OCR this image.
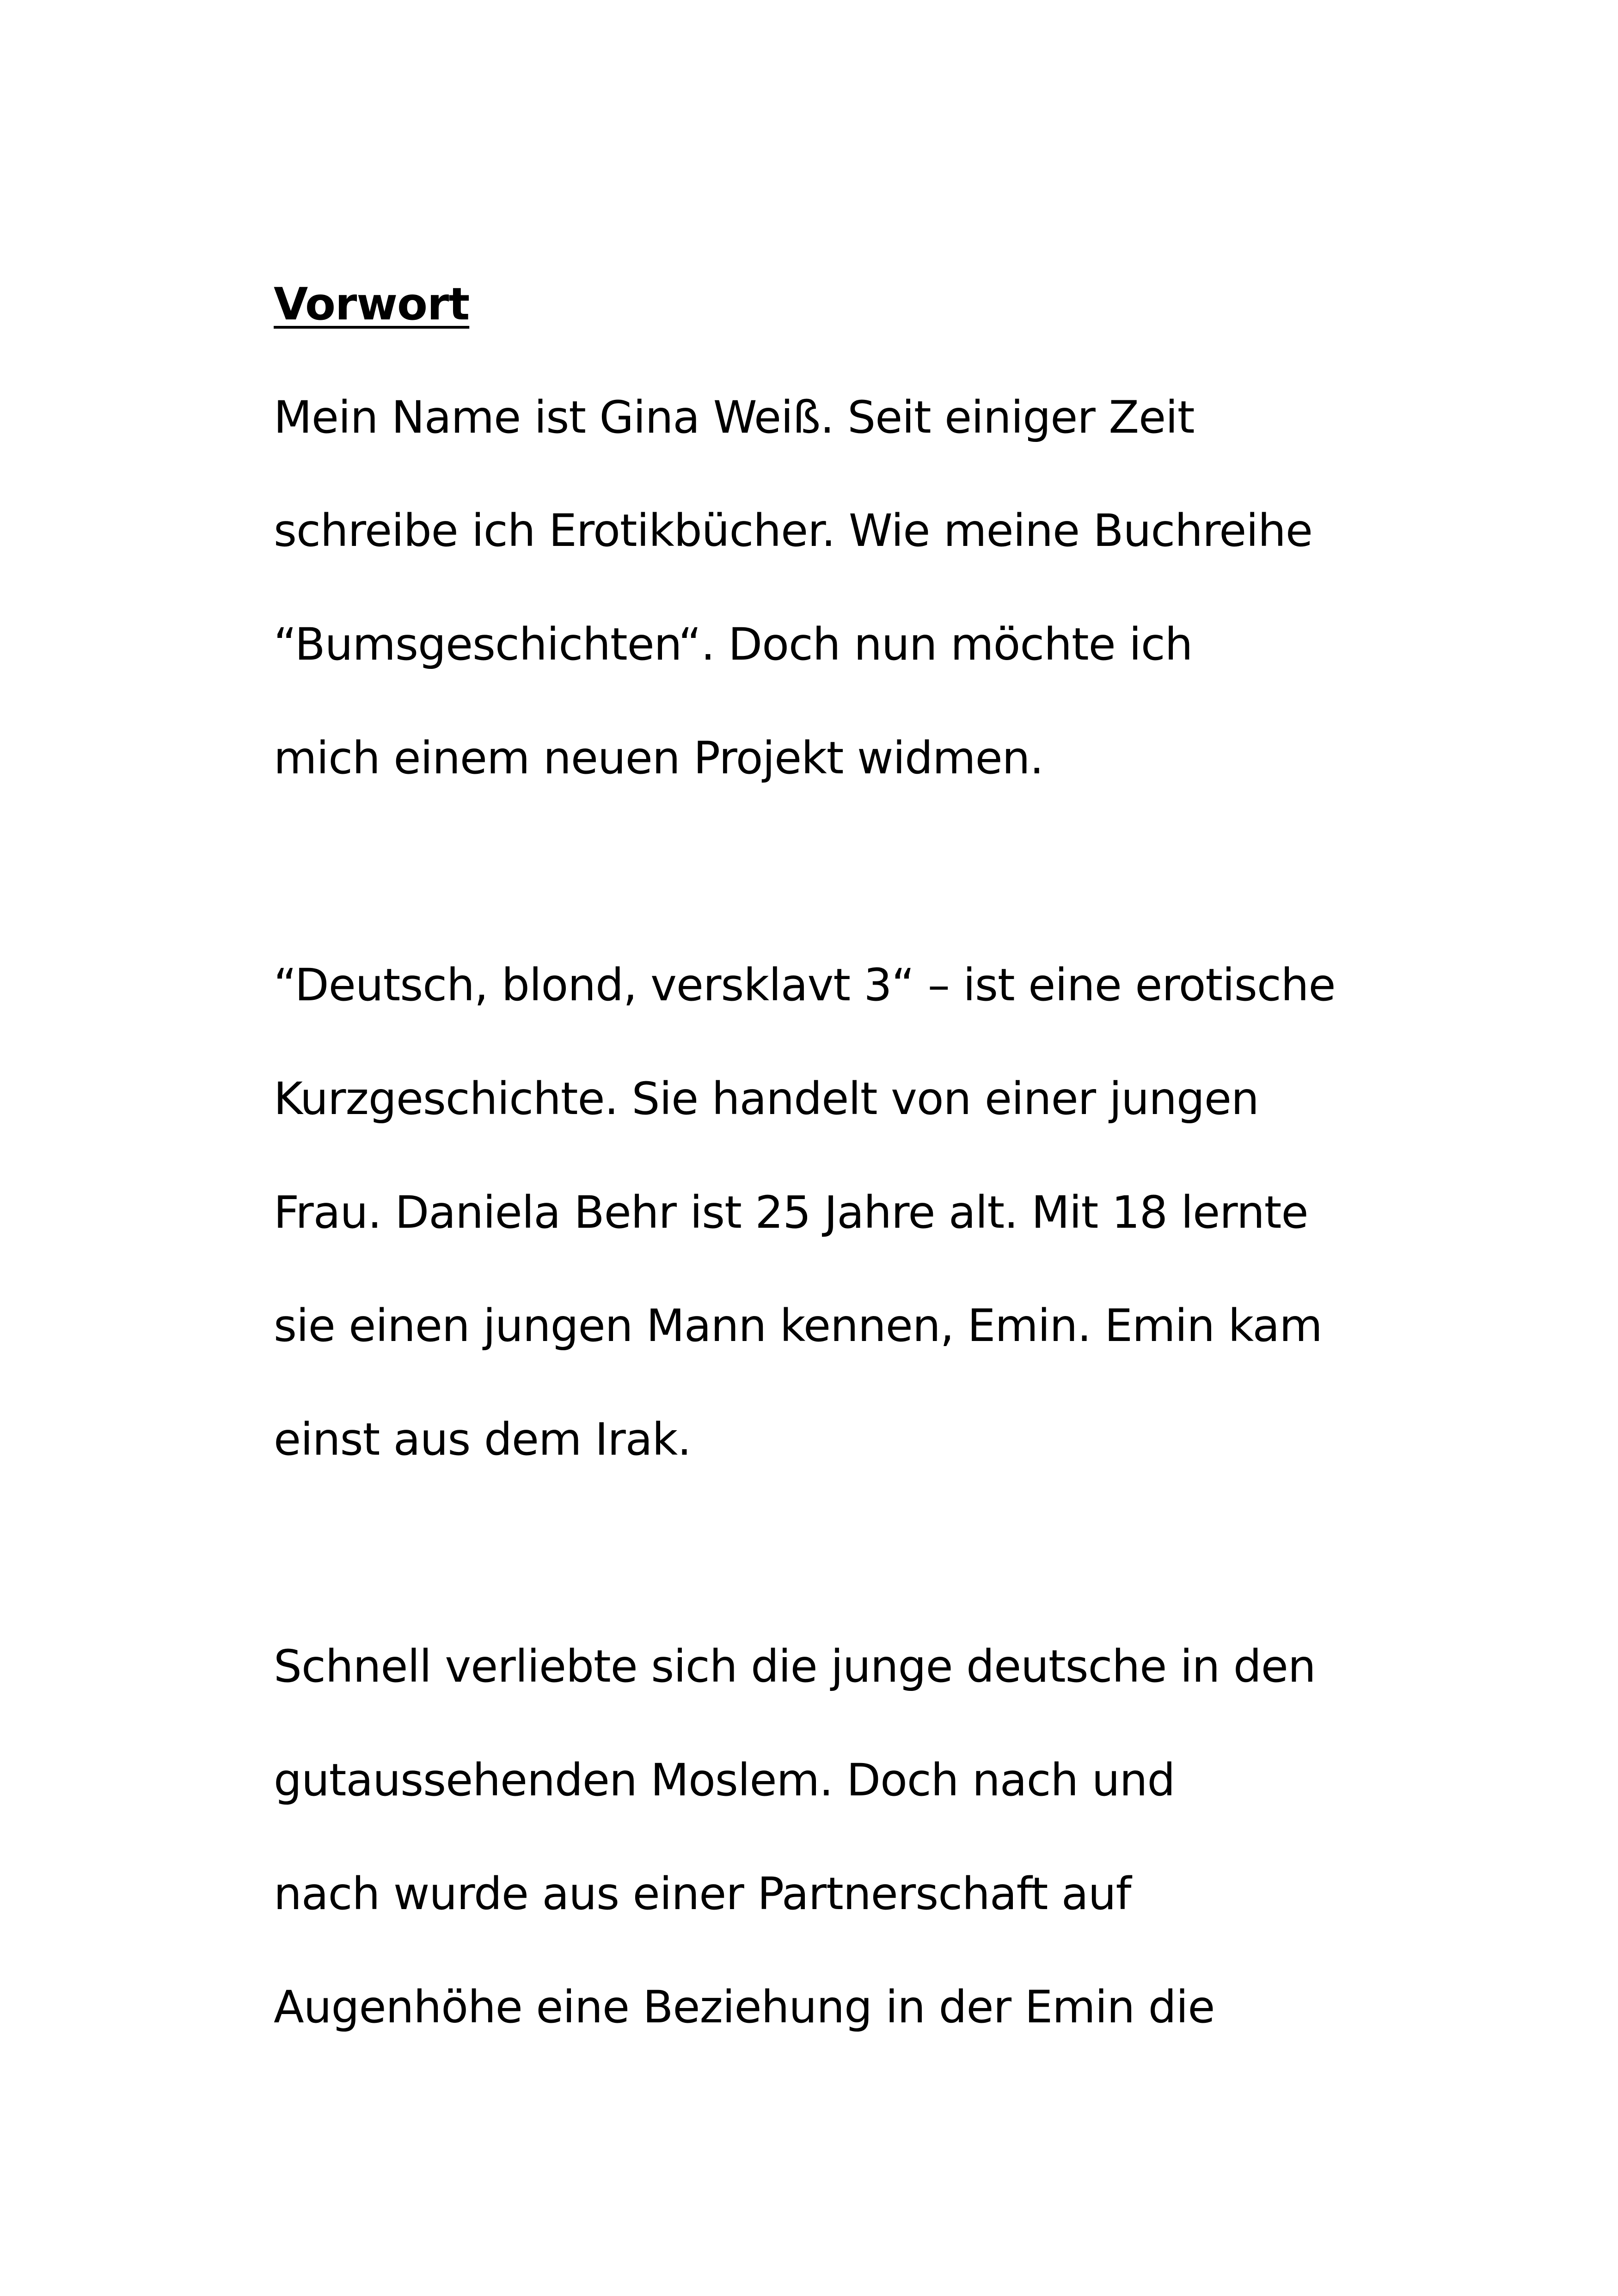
Vorwort

Mein Name ist Gina Weiß. Seit einiger Zeit

schreibe ich Erotikbücher. Wie meine Buchreihe

“Bumsgeschichten“. Doch nun möchte ich

mich einem neuen Projekt widmen.

“Deutsch, blond, versklavt 3“ – ist eine erotische

Kurzgeschichte. Sie handelt von einer jungen

Frau. Daniela Behr ist 25 Jahre alt. Mit 18 lernte

sie einen jungen Mann kennen, Emin. Emin kam

einst aus dem Irak.

Schnell verliebte sich die junge deutsche in den

gutaussehenden Moslem. Doch nach und

nach wurde aus einer Partnerschaft auf

Augenhöhe eine Beziehung in der Emin die
